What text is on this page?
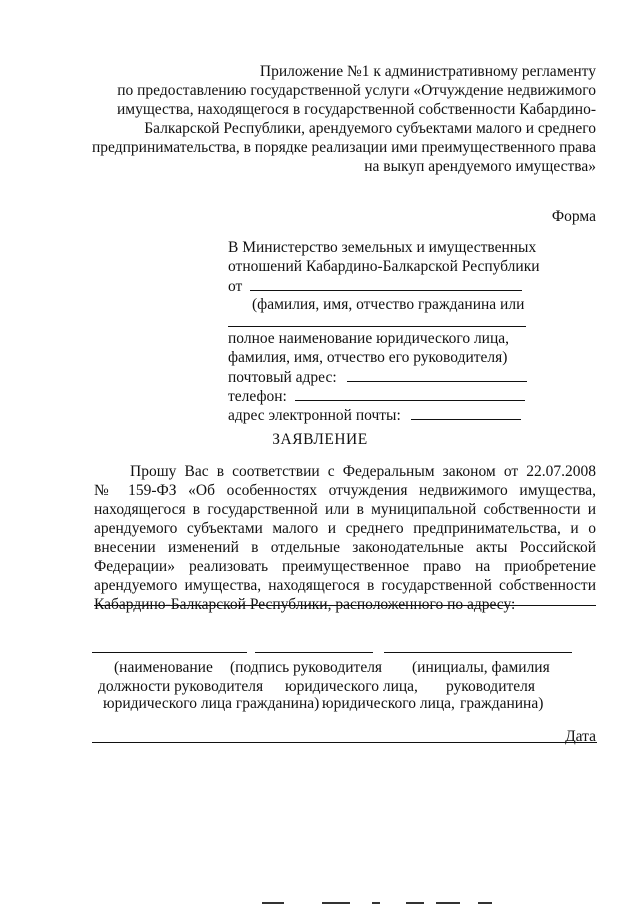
Приложение №1 к административному регламенту
по предоставлению государственной услуги «Отчуждение недвижимого
имущества, находящегося в государственной собственности Кабардино-
Балкарской Республики, арендуемого субъектами малого и среднего
предпринимательства, в порядке реализации ими преимущественного права
на выкуп арендуемого имущества»
Форма
В Министерство земельных и имущественных
отношений Кабардино-Балкарской Республики
от
(фамилия, имя, отчество гражданина или
полное наименование юридического лица,
фамилия, имя, отчество его руководителя)
почтовый адрес:
телефон:
адрес электронной почты:
ЗАЯВЛЕНИЕ
Прошу Вас в соответствии с Федеральным законом от 22.07.2008
№ 159-ФЗ «Об особенностях отчуждения недвижимого имущества,
находящегося в государственной или в муниципальной собственности и
арендуемого субъектами малого и среднего предпринимательства, и о
внесении изменений в отдельные законодательные акты Российской
Федерации» реализовать преимущественное право на приобретение
арендуемого имущества, находящегося в государственной собственности
Кабардино-Балкарской Республики, расположенного по адресу:
(наименование
должности руководителя
юридического лица гражданина)
(подпись руководителя
юридического лица,
юридического лица,
(инициалы, фамилия
руководителя
гражданина)
Дата
